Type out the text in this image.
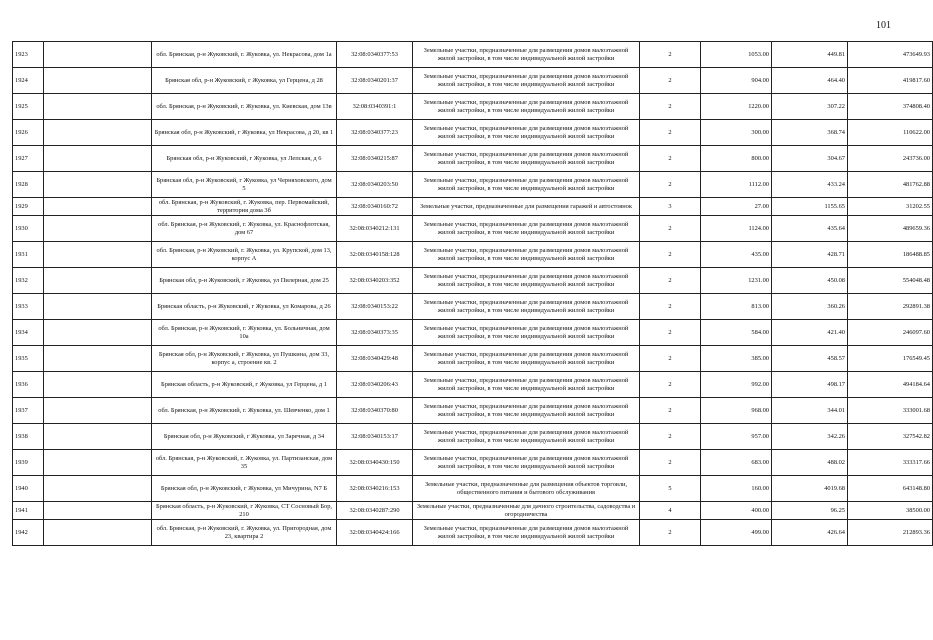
101
1923		обл. Брянская, р-н Жуковский, г. Жуковка, ул. Некрасова, дом 1а	32:08:0340377:53	Земельные участки, предназначенные для размещения домов малоэтажной жилой застройки, в том числе индивидуальной жилой застройки	2	1053.00	449.81	473649.93
1924		Брянская обл, р-н Жуковский, г Жуковка, ул Герцена, д 28	32:08:0340201:37	Земельные участки, предназначенные для размещения домов малоэтажной жилой застройки, в том числе индивидуальной жилой застройки	2	904.00	464.40	419817.60
1925		обл. Брянская, р-н Жуковский, г. Жуковка, ул. Киевская, дом 13в	32:08:0340391:1	Земельные участки, предназначенные для размещения домов малоэтажной жилой застройки, в том числе индивидуальной жилой застройки	2	1220.00	307.22	374808.40
1926		Брянская обл, р-н Жуковский, г Жуковка, ул Некрасова, д 20, кв 1	32:08:0340377:23	Земельные участки, предназначенные для размещения домов малоэтажной жилой застройки, в том числе индивидуальной жилой застройки	2	300.00	368.74	110622.00
1927		Брянская обл, р-н Жуковский, г Жуковка, ул Лепская, д 6	32:08:0340215:87	Земельные участки, предназначенные для размещения домов малоэтажной жилой застройки, в том числе индивидуальной жилой застройки	2	800.00	304.67	243736.00
1928		Брянская обл, р-н Жуковский, г Жуковка, ул Черняховского, дом 5	32:08:0340203:50	Земельные участки, предназначенные для размещения домов малоэтажной жилой застройки, в том числе индивидуальной жилой застройки	2	1112.00	433.24	481762.88
1929		обл. Брянская, р-н Жуковский, г. Жуковка, пер. Первомайский, территория дома 3б	32:08:0340160:72	Земельные участки, предназначенные для размещения гаражей и автостоянок	3	27.00	1155.65	31202.55
1930		обл. Брянская, р-н Жуковский, г. Жуковка, ул. Краснофлотская, дом 67	32:08:0340212:131	Земельные участки, предназначенные для размещения домов малоэтажной жилой застройки, в том числе индивидуальной жилой застройки	2	1124.00	435.64	489659.36
1931		обл. Брянская, р-н Жуковский, г. Жуковка, ул. Крупской, дом 13, корпус А	32:08:0340158:128	Земельные участки, предназначенные для размещения домов малоэтажной жилой застройки, в том числе индивидуальной жилой застройки	2	435.00	428.71	186488.85
1932		Брянская обл, р-н Жуковский, г Жуковка, ул Пилерная, дом 25	32:08:0340203:352	Земельные участки, предназначенные для размещения домов малоэтажной жилой застройки, в том числе индивидуальной жилой застройки	2	1231.00	450.08	554048.48
1933		Брянская область, р-н Жуковский, г Жуковка, ул Комарова, д 26	32:08:0340153:22	Земельные участки, предназначенные для размещения домов малоэтажной жилой застройки, в том числе индивидуальной жилой застройки	2	813.00	360.26	292891.38
1934		обл. Брянская, р-н Жуковский, г. Жуковка, ул. Больничная, дом 10а	32:08:0340373:35	Земельные участки, предназначенные для размещения домов малоэтажной жилой застройки, в том числе индивидуальной жилой застройки	2	584.00	421.40	246097.60
1935		Брянская обл, р-н Жуковский, г Жуковка, ул Пушкина, дом 33, корпус а, строение кв. 2	32:08:0340429:48	Земельные участки, предназначенные для размещения домов малоэтажной жилой застройки, в том числе индивидуальной жилой застройки	2	385.00	458.57	176549.45
1936		Брянская область, р-н Жуковский, г Жуковка, ул Герцена, д 1	32:08:0340206:43	Земельные участки, предназначенные для размещения домов малоэтажной жилой застройки, в том числе индивидуальной жилой застройки	2	992.00	498.17	494184.64
1937		обл. Брянская, р-н Жуковский, г. Жуковка, ул. Шевченко, дом 1	32:08:0340370:80	Земельные участки, предназначенные для размещения домов малоэтажной жилой застройки, в том числе индивидуальной жилой застройки	2	968.00	344.01	333001.68
1938		Брянская обл, р-н Жуковский, г Жуковка, ул Заречная, д 34	32:08:0340153:17	Земельные участки, предназначенные для размещения домов малоэтажной жилой застройки, в том числе индивидуальной жилой застройки	2	957.00	342.26	327542.82
1939		обл. Брянская, р-н Жуковский, г. Жуковка, ул. Партизанская, дом 35	32:08:0340430:150	Земельные участки, предназначенные для размещения домов малоэтажной жилой застройки, в том числе индивидуальной жилой застройки	2	683.00	488.02	333317.66
1940		Брянская обл, р-н Жуковский, г Жуковка, ул Мичурина, N7 Б	32:08:0340216:153	Земельные участки, предназначенные для размещения объектов торговли, общественного питания и бытового обслуживания	5	160.00	4019.68	643148.80
1941		Брянская область, р-н Жуковский, г Жуковка, СТ Сосновый Бор, 210	32:08:0340287:290	Земельные участки, предназначенные для дачного строительства, садоводства и огородничества	4	400.00	96.25	38500.00
1942		обл. Брянская, р-н Жуковский, г. Жуковка, ул. Пригородная, дом 23, квартира 2	32:08:0340424:166	Земельные участки, предназначенные для размещения домов малоэтажной жилой застройки, в том числе индивидуальной жилой застройки	2	499.00	426.64	212893.36
